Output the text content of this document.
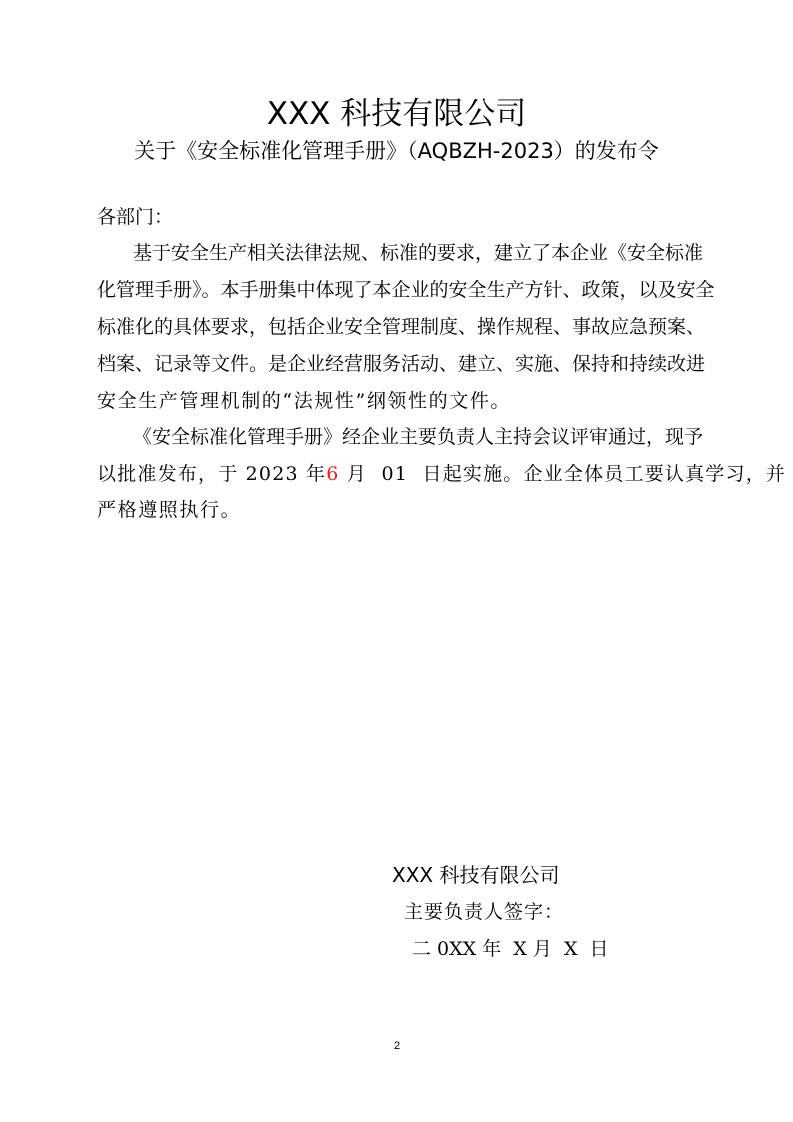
XXX 科技有限公司
关于《安全标准化管理手册》（AQBZH-2023）的发布令
各部门：
基于安全生产相关法律法规、标准的要求，建立了本企业《安全标准
化管理手册》。本手册集中体现了本企业的安全生产方针、政策，以及安全
标准化的具体要求，包括企业安全管理制度、操作规程、事故应急预案、
档案、记录等文件。是企业经营服务活动、建立、实施、保持和持续改进
安全生产管理机制的“法规性”纲领性的文件。
《安全标准化管理手册》经企业主要负责人主持会议评审通过，现予
以批准发布，于 2023 年6 月  01  日起实施。企业全体员工要认真学习，并
严格遵照执行。
XXX 科技有限公司
主要负责人签字：
二 0XX 年  X 月  X  日
2
